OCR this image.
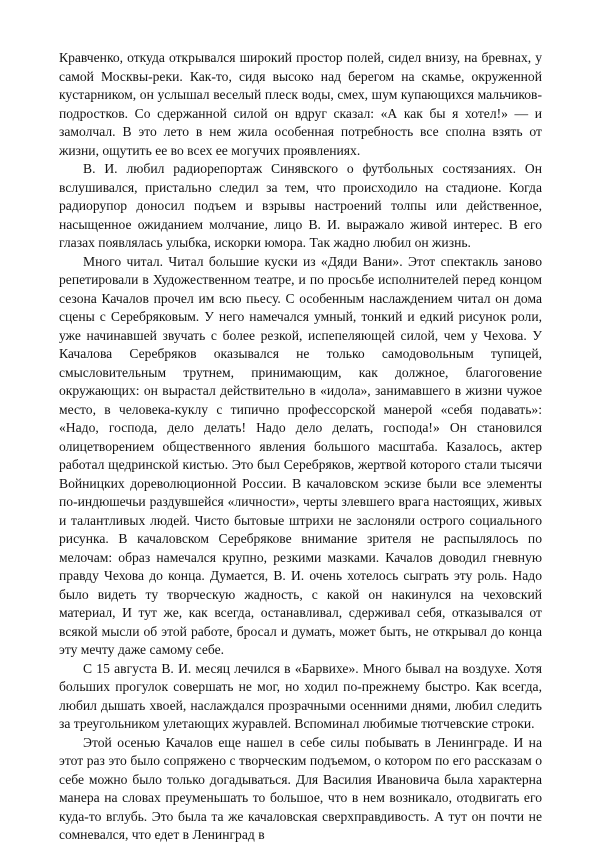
Кравченко, откуда открывался широкий простор полей, сидел внизу, на бревнах, у самой Москвы-реки. Как-то, сидя высоко над берегом на скамье, окруженной кустарником, он услышал веселый плеск воды, смех, шум купающихся мальчиков-подростков. Со сдержанной силой он вдруг сказал: «А как бы я хотел!» — и замолчал. В это лето в нем жила особенная потребность все сполна взять от жизни, ощутить ее во всех ее могучих проявлениях.

В. И. любил радиорепортаж Синявского о футбольных состязаниях. Он вслушивался, пристально следил за тем, что происходило на стадионе. Когда радиорупор доносил подъем и взрывы настроений толпы или действенное, насыщенное ожиданием молчание, лицо В. И. выражало живой интерес. В его глазах появлялась улыбка, искорки юмора. Так жадно любил он жизнь.

Много читал. Читал большие куски из «Дяди Вани». Этот спектакль заново репетировали в Художественном театре, и по просьбе исполнителей перед концом сезона Качалов прочел им всю пьесу. С особенным наслаждением читал он дома сцены с Серебряковым. У него намечался умный, тонкий и едкий рисунок роли, уже начинавшей звучать с более резкой, испепеляющей силой, чем у Чехова. У Качалова Серебряков оказывался не только самодовольным тупицей, смысловительным трутнем, принимающим, как должное, благоговение окружающих: он вырастал действительно в «идола», занимавшего в жизни чужое место, в человека-куклу с типично профессорской манерой «себя подавать»: «Надо, господа, дело делать! Надо дело делать, господа!» Он становился олицетворением общественного явления большого масштаба. Казалось, актер работал щедринской кистью. Это был Серебряков, жертвой которого стали тысячи Войницких дореволюционной России. В качаловском эскизе были все элементы по-индюшечьи раздувшейся «личности», черты злевшего врага настоящих, живых и талантливых людей. Чисто бытовые штрихи не заслоняли острого социального рисунка. В качаловском Серебрякове внимание зрителя не распылялось по мелочам: образ намечался крупно, резкими мазками. Качалов доводил гневную правду Чехова до конца. Думается, В. И. очень хотелось сыграть эту роль. Надо было видеть ту творческую жадность, с какой он накинулся на чеховский материал, И тут же, как всегда, останавливал, сдерживал себя, отказывался от всякой мысли об этой работе, бросал и думать, может быть, не открывал до конца эту мечту даже самому себе.

С 15 августа В. И. месяц лечился в «Барвихе». Много бывал на воздухе. Хотя больших прогулок совершать не мог, но ходил по-прежнему быстро. Как всегда, любил дышать хвоей, наслаждался прозрачными осенними днями, любил следить за треугольником улетающих журавлей. Вспоминал любимые тютчевские строки.

Этой осенью Качалов еще нашел в себе силы побывать в Ленинграде. И на этот раз это было сопряжено с творческим подъемом, о котором по его рассказам о себе можно было только догадываться. Для Василия Ивановича была характерна манера на словах преуменьшать то большое, что в нем возникало, отодвигать его куда-то вглубь. Это была та же качаловская сверхправдивость. А тут он почти не сомневался, что едет в Ленинград в
